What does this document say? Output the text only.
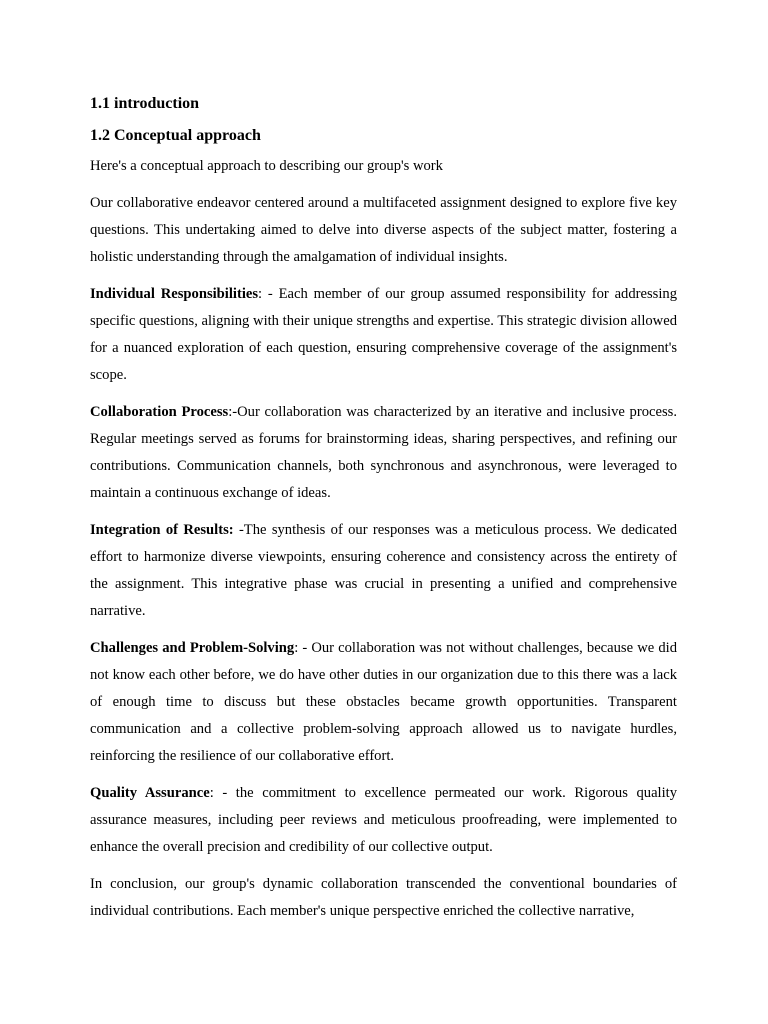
1.1 introduction

1.2 Conceptual approach

Here's a conceptual approach to describing our group's work

Our collaborative endeavor centered around a multifaceted assignment designed to explore five key questions. This undertaking aimed to delve into diverse aspects of the subject matter, fostering a holistic understanding through the amalgamation of individual insights.

Individual Responsibilities: - Each member of our group assumed responsibility for addressing specific questions, aligning with their unique strengths and expertise. This strategic division allowed for a nuanced exploration of each question, ensuring comprehensive coverage of the assignment's scope.

Collaboration Process:-Our collaboration was characterized by an iterative and inclusive process. Regular meetings served as forums for brainstorming ideas, sharing perspectives, and refining our contributions. Communication channels, both synchronous and asynchronous, were leveraged to maintain a continuous exchange of ideas.

Integration of Results: -The synthesis of our responses was a meticulous process. We dedicated effort to harmonize diverse viewpoints, ensuring coherence and consistency across the entirety of the assignment. This integrative phase was crucial in presenting a unified and comprehensive narrative.

Challenges and Problem-Solving: - Our collaboration was not without challenges, because we did not know each other before, we do have other duties in our organization due to this there was a lack of enough time to discuss but these obstacles became growth opportunities. Transparent communication and a collective problem-solving approach allowed us to navigate hurdles, reinforcing the resilience of our collaborative effort.

Quality Assurance: - the commitment to excellence permeated our work. Rigorous quality assurance measures, including peer reviews and meticulous proofreading, were implemented to enhance the overall precision and credibility of our collective output.

In conclusion, our group's dynamic collaboration transcended the conventional boundaries of individual contributions. Each member's unique perspective enriched the collective narrative,
